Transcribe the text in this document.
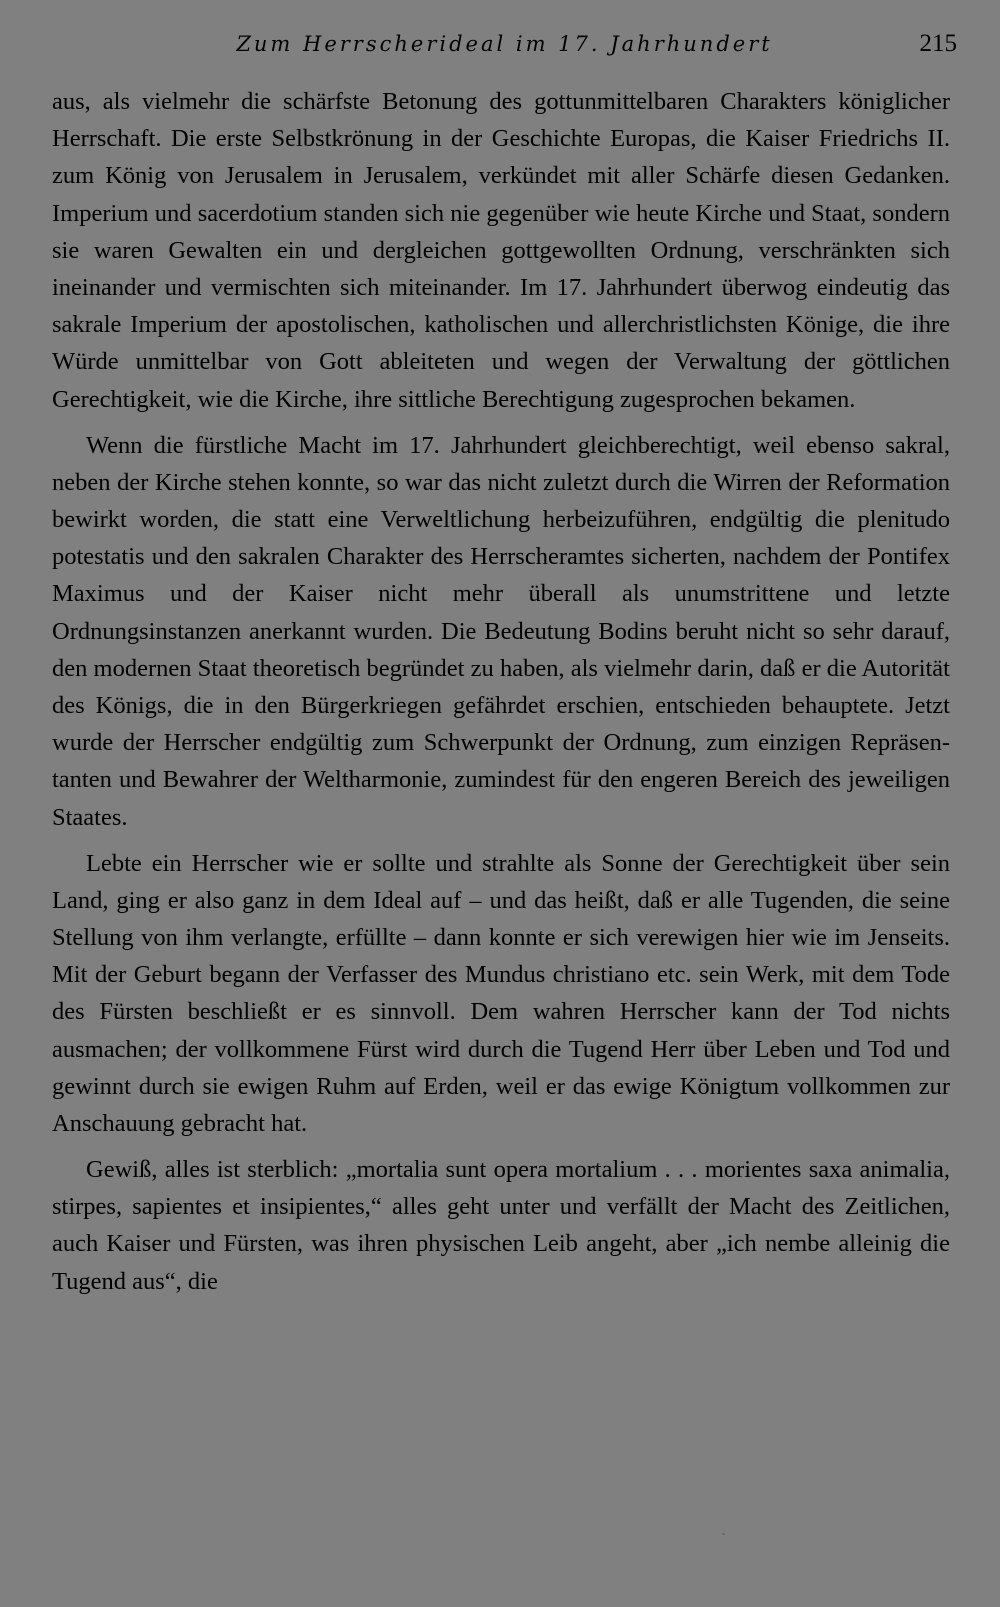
Zum Herrscherideal im 17. Jahrhundert	215

aus, als vielmehr die schärfste Betonung des gottunmittelbaren Charakters königlicher Herrschaft. Die erste Selbstkrönung in der Geschichte Europas, die Kaiser Friedrichs II. zum König von Jerusalem in Jerusalem, verkündet mit aller Schärfe diesen Gedanken. Imperium und sacerdotium standen sich nie gegenüber wie heute Kirche und Staat, sondern sie waren Gewalten ein und dergleichen gottgewollten Ordnung, verschränkten sich ineinander und vermischten sich miteinander. Im 17. Jahrhundert überwog eindeutig das sakrale Imperium der apostolischen, katholischen und allerchristlichsten Könige, die ihre Würde unmittelbar von Gott ableiteten und wegen der Verwaltung der göttlichen Gerechtigkeit, wie die Kirche, ihre sittliche Berechtigung zugesprochen bekamen.

Wenn die fürstliche Macht im 17. Jahrhundert gleichberechtigt, weil ebenso sakral, neben der Kirche stehen konnte, so war das nicht zuletzt durch die Wirren der Reformation bewirkt worden, die statt eine Verweltlichung herbeizuführen, endgültig die plenitudo potestatis und den sakralen Charakter des Herrscheramtes sicherten, nachdem der Pontifex Maximus und der Kaiser nicht mehr überall als unumstrittene und letzte Ordnungsinstanzen anerkannt wurden. Die Bedeutung Bodins beruht nicht so sehr darauf, den modernen Staat theoretisch begründet zu haben, als vielmehr darin, daß er die Autorität des Königs, die in den Bürgerkriegen gefährdet erschien, entschieden behauptete. Jetzt wurde der Herrscher endgültig zum Schwerpunkt der Ordnung, zum einzigen Repräsentanten und Bewahrer der Weltharmonie, zumindest für den engeren Bereich des jeweiligen Staates.

Lebte ein Herrscher wie er sollte und strahlte als Sonne der Gerechtigkeit über sein Land, ging er also ganz in dem Ideal auf – und das heißt, daß er alle Tugenden, die seine Stellung von ihm verlangte, erfüllte – dann konnte er sich verewigen hier wie im Jenseits. Mit der Geburt begann der Verfasser des Mundus christiano etc. sein Werk, mit dem Tode des Fürsten beschließt er es sinnvoll. Dem wahren Herrscher kann der Tod nichts ausmachen; der vollkommene Fürst wird durch die Tugend Herr über Leben und Tod und gewinnt durch sie ewigen Ruhm auf Erden, weil er das ewige Königtum vollkommen zur Anschauung gebracht hat.

Gewiß, alles ist sterblich: „mortalia sunt opera mortalium . . . morientes saxa animalia, stirpes, sapientes et insipientes,“ alles geht unter und verfällt der Macht des Zeitlichen, auch Kaiser und Fürsten, was ihren physischen Leib angeht, aber „ich nembe alleinig die Tugend aus“, die
